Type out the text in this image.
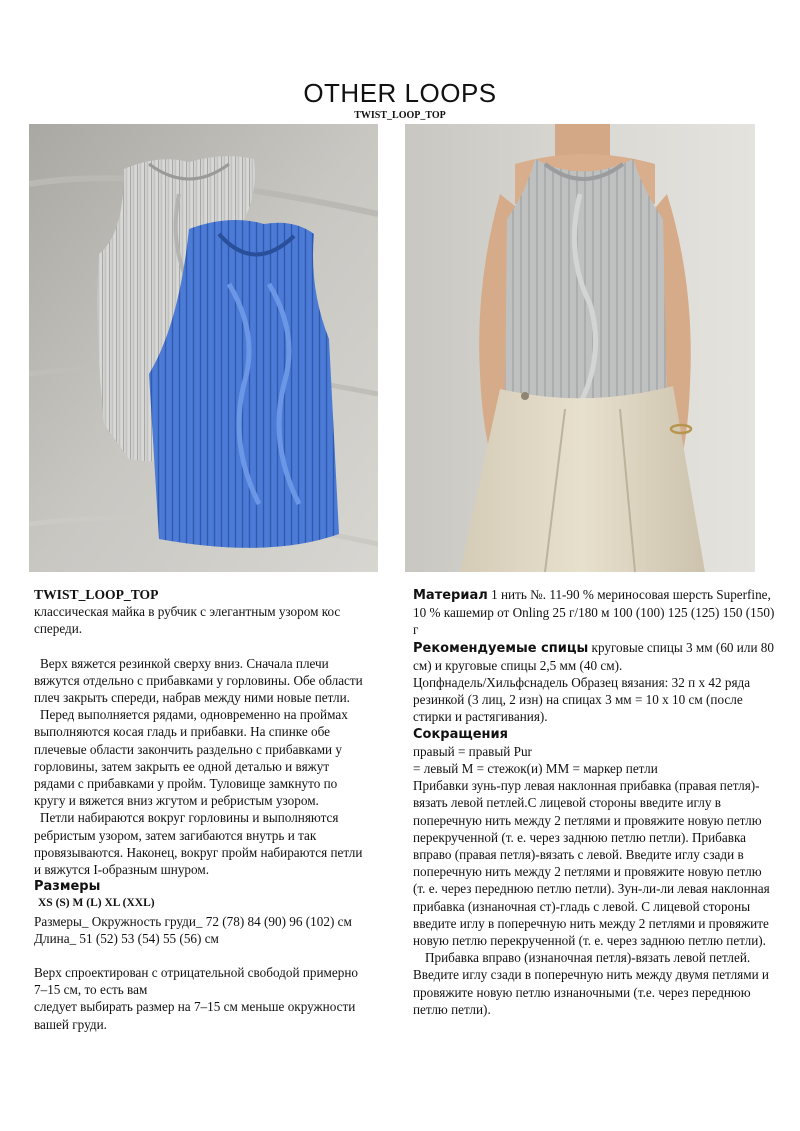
OTHER LOOPS
TWIST_LOOP_TOP

TWIST_LOOP_TOP

классическая майка в рубчик с элегантным узором кос спереди.

Верх вяжется резинкой сверху вниз. Сначала плечи вяжутся отдельно с прибавками у горловины. Обе области плеч закрыть спереди, набрав между ними новые петли.

Перед выполняется рядами, одновременно на проймах выполняются косая гладь и прибавки. На спинке обе плечевые области закончить раздельно с прибавками у горловины, затем закрыть ее одной деталью и вяжут рядами с прибавками у пройм. Туловище замкнуто по кругу и вяжется вниз жгутом и ребристым узором.

Петли набираются вокруг горловины и выполняются ребристым узором, затем загибаются внутрь и так провязываются. Наконец, вокруг пройм набираются петли и вяжутся I-образным шнуром.

Размеры

XS (S) M (L) XL (XXL)

Размеры_ Окружность груди_ 72 (78) 84 (90) 96 (102) см

Длина_ 51 (52) 53 (54) 55 (56) см

Верх спроектирован с отрицательной свободой примерно 7–15 см, то есть вам

следует выбирать размер на 7–15 см меньше окружности вашей груди.

Материал 1 нить №. 11-90 % мериносовая шерсть Superfine, 10 % кашемир от Onling 25 г/180 м 100 (100) 125 (125) 150 (150) г

Рекомендуемые спицы круговые спицы 3 мм (60 или 80 см) и круговые спицы 2,5 мм (40 см).

Цопфнадель/Хильфснадель Образец вязания: 32 п х 42 ряда резинкой (3 лиц, 2 изн) на спицах 3 мм = 10 х 10 см (после стирки и растягивания).

Сокращения

правый = правый Pur

= левый М = стежок(и) ММ = маркер петли

Прибавки зунь-пур левая наклонная прибавка (правая петля)-вязать левой петлей.С лицевой стороны введите иглу в поперечную нить между 2 петлями и провяжите новую петлю перекрученной (т. е. через заднюю петлю петли). Прибавка вправо (правая петля)-вязать с левой. Введите иглу сзади в поперечную нить между 2 петлями и провяжите новую петлю (т. е. через переднюю петлю петли). Зун-ли-ли левая наклонная прибавка (изнаночная ст)-гладь с левой. С лицевой стороны введите иглу в поперечную нить между 2 петлями и провяжите новую петлю перекрученной (т. е. через заднюю петлю петли).

Прибавка вправо (изнаночная петля)-вязать левой петлей. Введите иглу сзади в поперечную нить между двумя петлями и провяжите новую петлю изнаночными (т.е. через переднюю петлю петли).
